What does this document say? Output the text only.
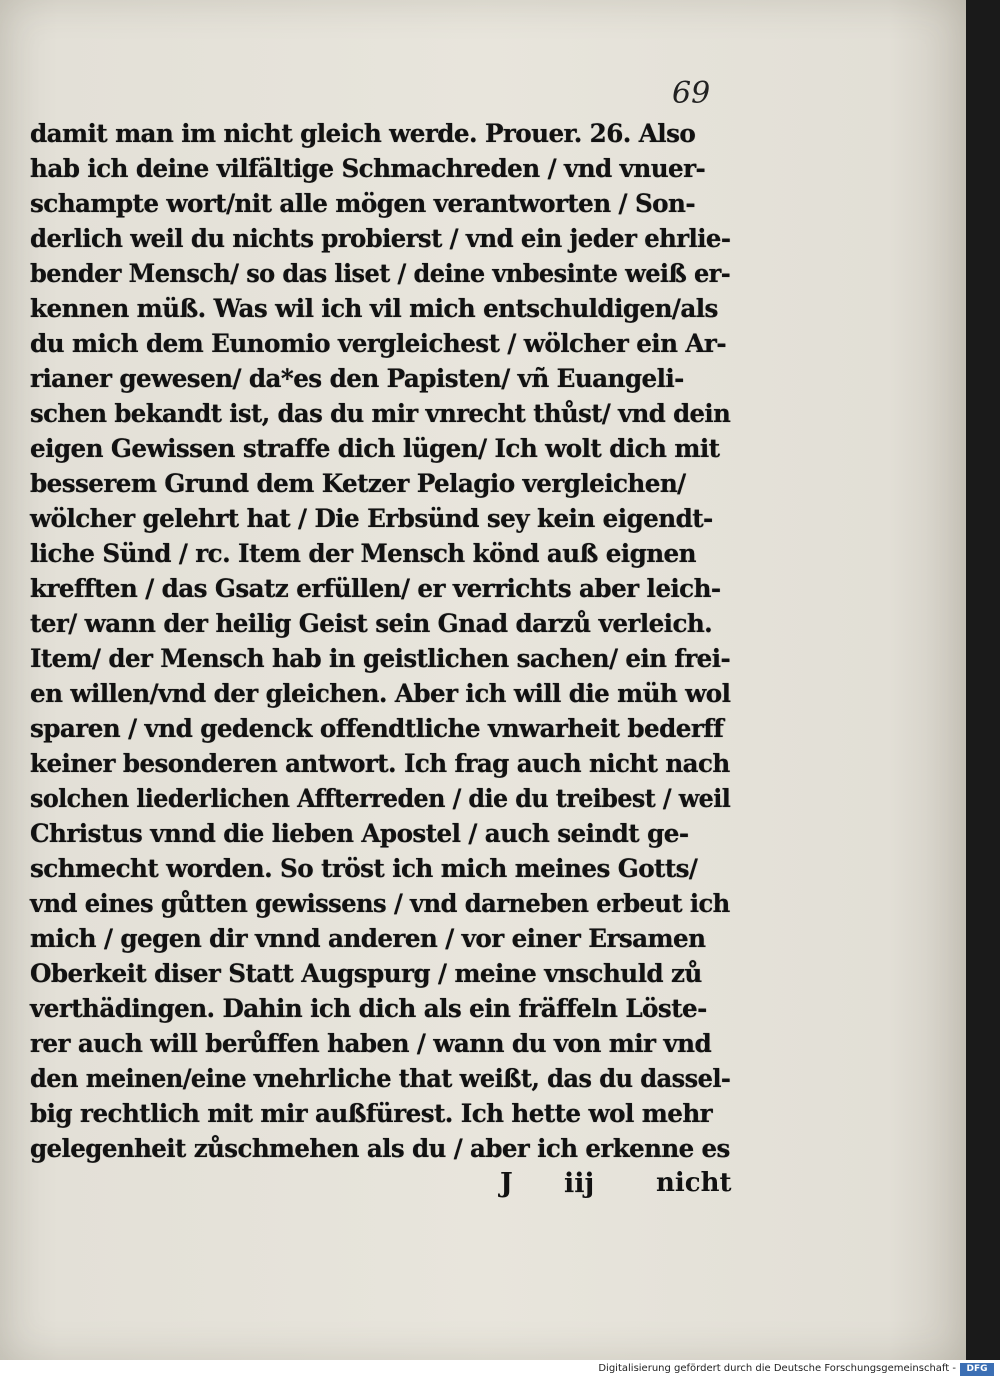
69
damit man im nicht gleich werde. Prouer. 26. Also
hab ich deine vilfältige Schmachreden / vnd vnuer-
schampte wort/nit alle mögen verantworten / Son-
derlich weil du nichts probierst / vnd ein jeder ehrlie-
bender Mensch/ so das liset / deine vnbesinte weiß er-
kennen müß. Was wil ich vil mich entschuldigen/als
du mich dem Eunomio vergleichest / wölcher ein Ar-
rianer gewesen/ da*es den Papisten/ vñ Euangeli-
schen bekandt ist, das du mir vnrecht thůst/ vnd dein
eigen Gewissen straffe dich lügen/ Ich wolt dich mit
besserem Grund dem Ketzer Pelagio vergleichen/
wölcher gelehrt hat / Die Erbsünd sey kein eigendt-
liche Sünd / rc. Item der Mensch könd auß eignen
krefften / das Gsatz erfüllen/ er verrichts aber leich-
ter/ wann der heilig Geist sein Gnad darzů verleich.
Item/ der Mensch hab in geistlichen sachen/ ein frei-
en willen/vnd der gleichen. Aber ich will die müh wol
sparen / vnd gedenck offendtliche vnwarheit bederff
keiner besonderen antwort. Ich frag auch nicht nach
solchen liederlichen Affterreden / die du treibest / weil
Christus vnnd die lieben Apostel / auch seindt ge-
schmecht worden. So tröst ich mich meines Gotts/
vnd eines gůtten gewissens / vnd darneben erbeut ich
mich / gegen dir vnnd anderen / vor einer Ersamen
Oberkeit diser Statt Augspurg / meine vnschuld zů
verthädingen. Dahin ich dich als ein fräffeln Löste-
rer auch will berůffen haben / wann du von mir vnd
den meinen/eine vnehrliche that weißt, das du dassel-
big rechtlich mit mir außfürest. Ich hette wol mehr
gelegenheit zůschmehen als du / aber ich erkenne es
J iij nicht
Digitalisierung gefördert durch die Deutsche Forschungsgemeinschaft -	DFG
